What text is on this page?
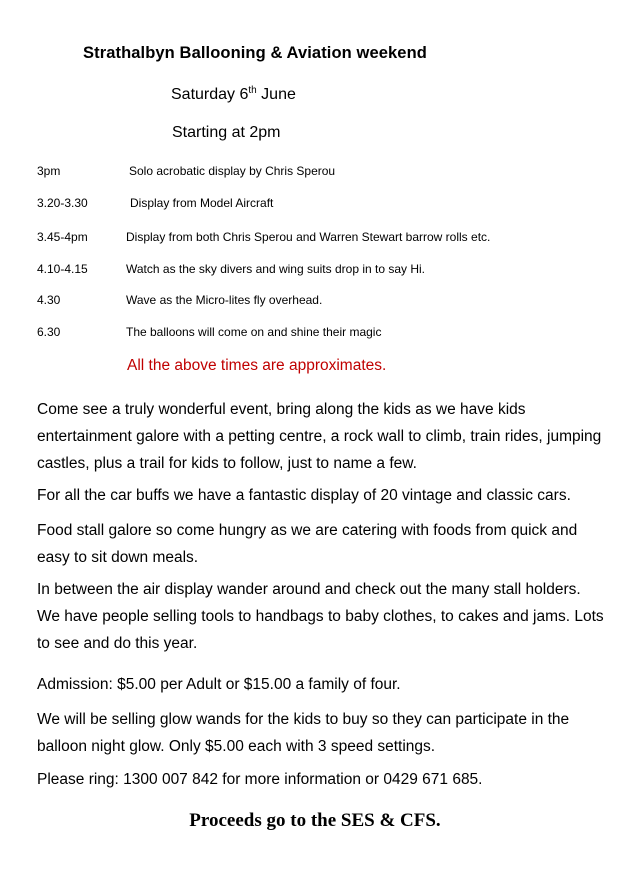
Strathalbyn Ballooning & Aviation weekend
Saturday 6th June
Starting at 2pm
3pm	Solo acrobatic display by Chris Sperou
3.20-3.30	Display from Model Aircraft
3.45-4pm	Display from both Chris Sperou and Warren Stewart barrow rolls etc.
4.10-4.15	Watch as the sky divers and wing suits drop in to say Hi.
4.30	Wave as the Micro-lites fly overhead.
6.30	The balloons will come on and shine their magic
All the above times are approximates.
Come see a truly wonderful event, bring along the kids as we have kids entertainment galore with a petting centre, a rock wall to climb, train rides, jumping castles, plus a trail for kids to follow, just to name a few.
For all the car buffs we have a fantastic display of 20 vintage and classic cars.
Food stall galore so come hungry as we are catering with foods from quick and easy to sit down meals.
In between the air display wander around and check out the many stall holders. We have people selling tools to handbags to baby clothes, to cakes and jams. Lots to see and do this year.
Admission: $5.00 per Adult or $15.00 a family of four.
We will be selling glow wands for the kids to buy so they can participate in the balloon night glow. Only $5.00 each with 3 speed settings.
Please ring: 1300 007 842 for more information or 0429 671 685.
Proceeds go to the SES & CFS.
